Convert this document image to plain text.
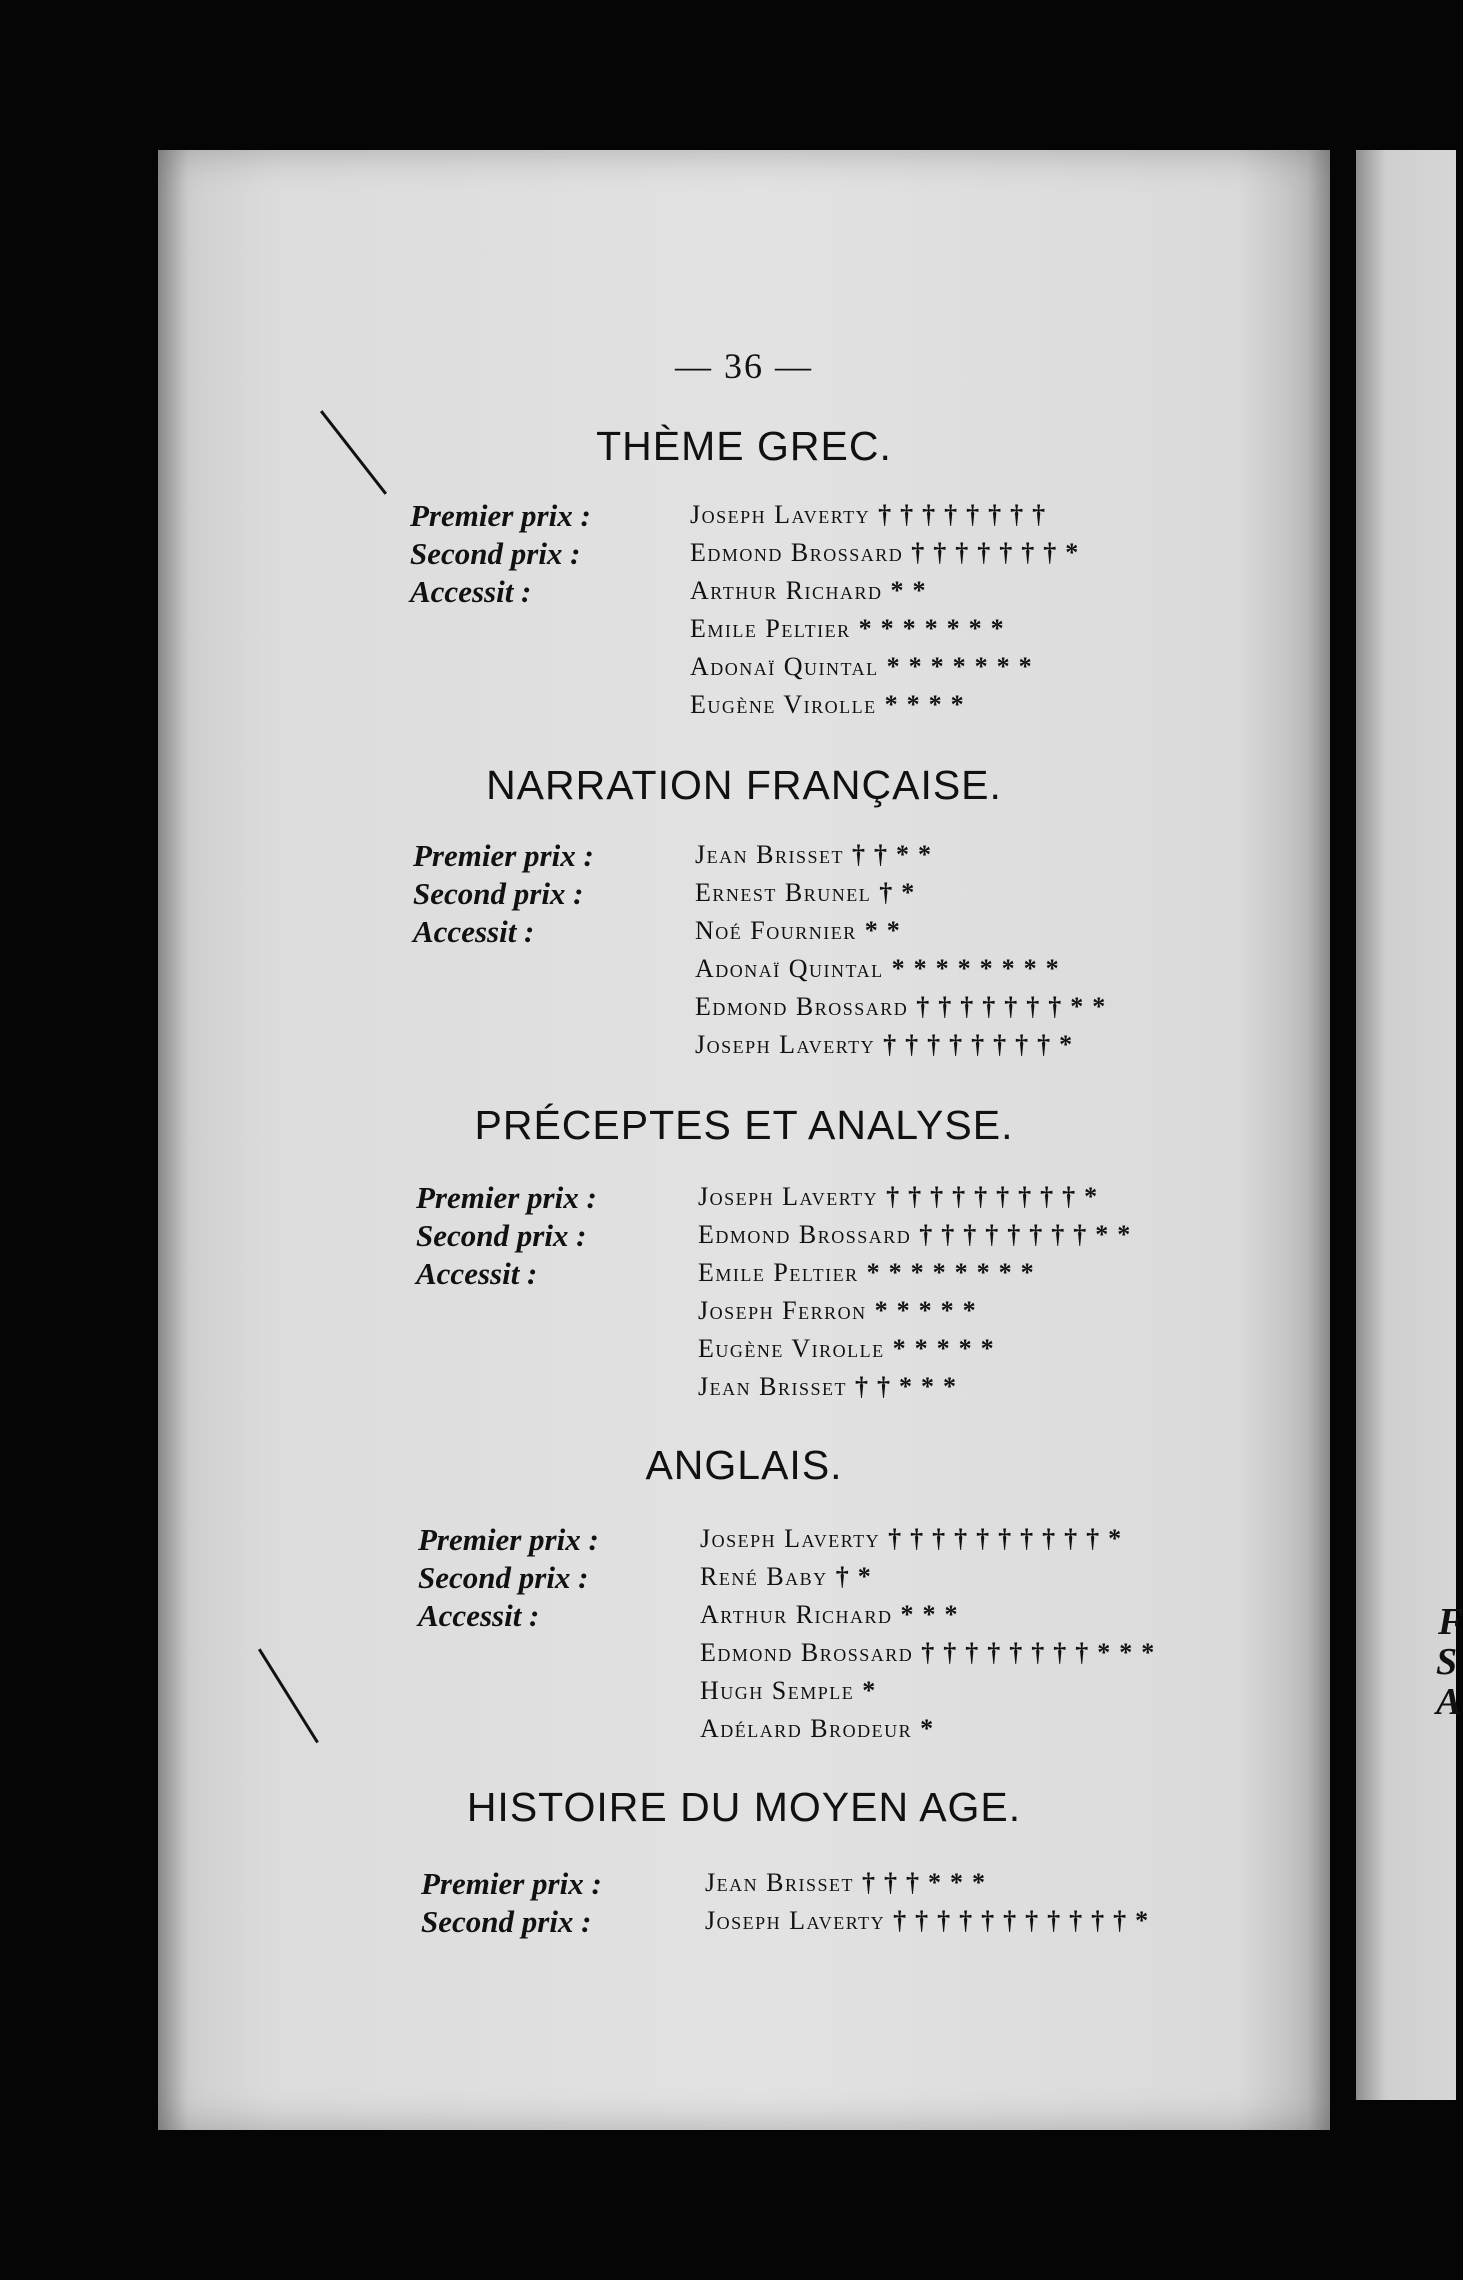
F
S
A
— 36 —
THÈME GREC.
Premier prix :
Second prix :
Accessit :
Joseph Laverty ††††††††
Edmond Brossard †††††††*
Arthur Richard **
Emile Peltier *******
Adonaï Quintal *******
Eugène Virolle ****
NARRATION FRANÇAISE.
Premier prix :
Second prix :
Accessit :
Jean Brisset ††**
Ernest Brunel †*
Noé Fournier **
Adonaï Quintal ********
Edmond Brossard †††††††**
Joseph Laverty ††††††††*
PRÉCEPTES ET ANALYSE.
Premier prix :
Second prix :
Accessit :
Joseph Laverty †††††††††*
Edmond Brossard ††††††††**
Emile Peltier ********
Joseph Ferron *****
Eugène Virolle *****
Jean Brisset ††***
ANGLAIS.
Premier prix :
Second prix :
Accessit :
Joseph Laverty ††††††††††*
René Baby †*
Arthur Richard ***
Edmond Brossard ††††††††***
Hugh Semple *
Adélard Brodeur *
HISTOIRE DU MOYEN AGE.
Premier prix :
Second prix :
Jean Brisset †††***
Joseph Laverty †††††††††††*
